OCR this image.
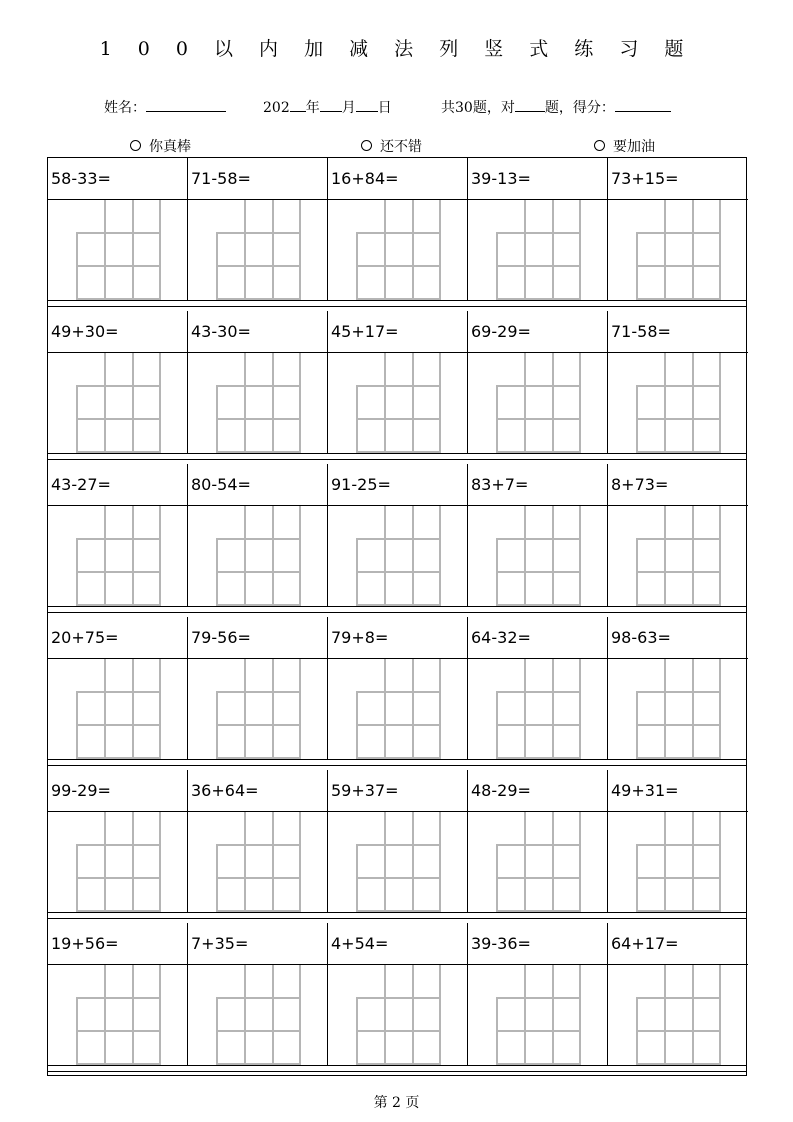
1 0 0 以 内 加 减 法 列 竖 式 练 习 题
姓名：	202 年 月 日	共30题，对 题，得分：
你真棒	还不错	要加油
58-33=	71-58=	16+84=	39-13=	73+15=
49+30=	43-30=	45+17=	69-29=	71-58=
43-27=	80-54=	91-25=	83+7=	8+73=
20+75=	79-56=	79+8=	64-32=	98-63=
99-29=	36+64=	59+37=	48-29=	49+31=
19+56=	7+35=	4+54=	39-36=	64+17=
第 2 页
